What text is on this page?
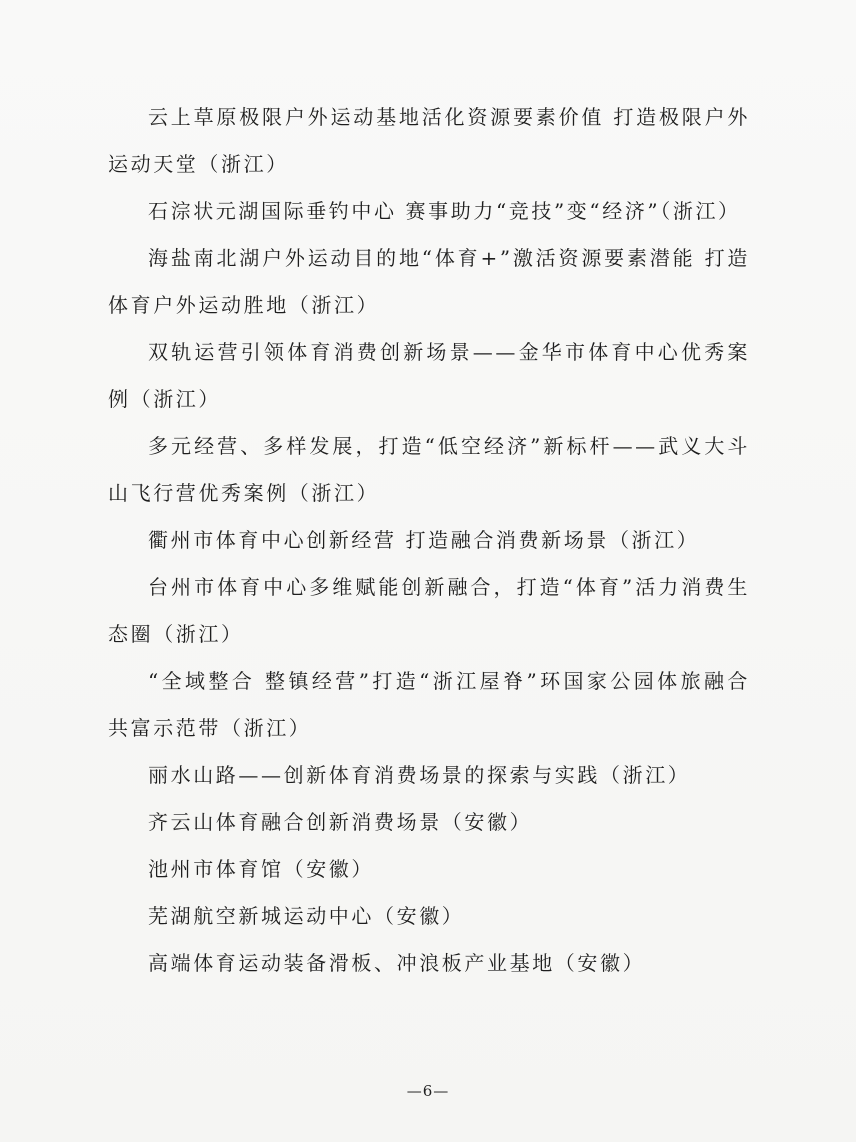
云上草原极限户外运动基地活化资源要素价值 打造极限户外运动天堂（浙江）

石淙状元湖国际垂钓中心 赛事助力“竞技”变“经济”（浙江）

海盐南北湖户外运动目的地“体育+”激活资源要素潜能 打造体育户外运动胜地（浙江）

双轨运营引领体育消费创新场景——金华市体育中心优秀案例（浙江）

多元经营、多样发展，打造“低空经济”新标杆——武义大斗山飞行营优秀案例（浙江）

衢州市体育中心创新经营 打造融合消费新场景（浙江）

台州市体育中心多维赋能创新融合，打造“体育”活力消费生态圈（浙江）

“全域整合 整镇经营”打造“浙江屋脊”环国家公园体旅融合共富示范带（浙江）

丽水山路——创新体育消费场景的探索与实践（浙江）

齐云山体育融合创新消费场景（安徽）

池州市体育馆（安徽）

芜湖航空新城运动中心（安徽）

高端体育运动装备滑板、冲浪板产业基地（安徽）

—6—
